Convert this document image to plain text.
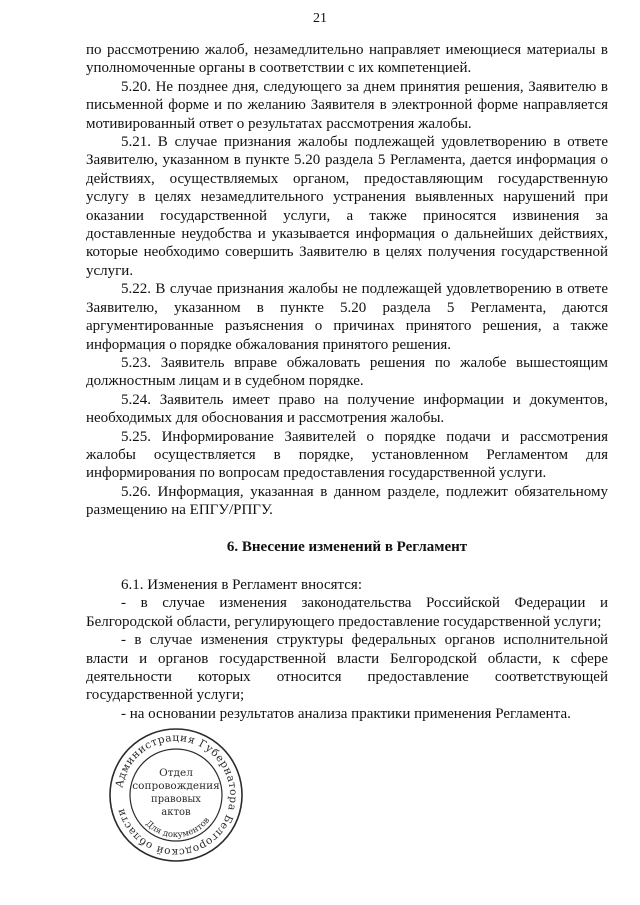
21

по рассмотрению жалоб, незамедлительно направляет имеющиеся материалы в уполномоченные органы в соответствии с их компетенцией.

5.20. Не позднее дня, следующего за днем принятия решения, Заявителю в письменной форме и по желанию Заявителя в электронной форме направляется мотивированный ответ о результатах рассмотрения жалобы.

5.21. В случае признания жалобы подлежащей удовлетворению в ответе Заявителю, указанном в пункте 5.20 раздела 5 Регламента, дается информация о действиях, осуществляемых органом, предоставляющим государственную услугу в целях незамедлительного устранения выявленных нарушений при оказании государственной услуги, а также приносятся извинения за доставленные неудобства и указывается информация о дальнейших действиях, которые необходимо совершить Заявителю в целях получения государственной услуги.

5.22. В случае признания жалобы не подлежащей удовлетворению в ответе Заявителю, указанном в пункте 5.20 раздела 5 Регламента, даются аргументированные разъяснения о причинах принятого решения, а также информация о порядке обжалования принятого решения.

5.23. Заявитель вправе обжаловать решения по жалобе вышестоящим должностным лицам и в судебном порядке.

5.24. Заявитель имеет право на получение информации и документов, необходимых для обоснования и рассмотрения жалобы.

5.25. Информирование Заявителей о порядке подачи и рассмотрения жалобы осуществляется в порядке, установленном Регламентом для информирования по вопросам предоставления государственной услуги.

5.26. Информация, указанная в данном разделе, подлежит обязательному размещению на ЕПГУ/РПГУ.

6. Внесение изменений в Регламент

6.1. Изменения в Регламент вносятся:

- в случае изменения законодательства Российской Федерации и Белгородской области, регулирующего предоставление государственной услуги;

- в случае изменения структуры федеральных органов исполнительной власти и органов государственной власти Белгородской области, к сфере деятельности которых относится предоставление соответствующей государственной услуги;

- на основании результатов анализа практики применения Регламента.

Администрация Губернатора Белгородской области
Отдел
сопровождения
правовых
актов
Для документов
